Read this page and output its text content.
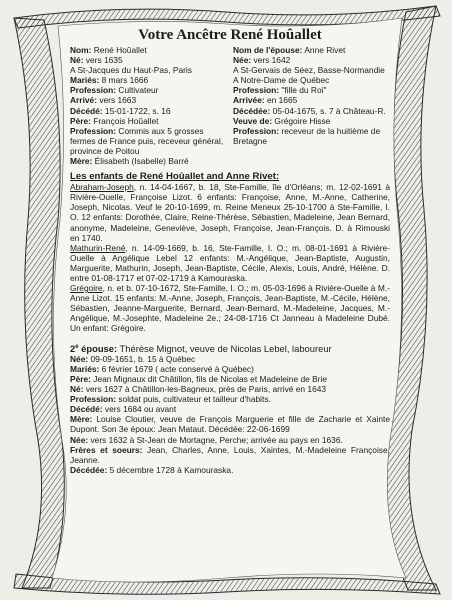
Votre Ancêtre René Hoûallet

Nom: René Hoûallet

Né: vers 1635

A St-Jacques du Haut-Pas, Paris

Mariés: 8 mars 1666

Profession: Cultivateur

Arrivé: vers 1663

Décédé: 15-01-1722, s. 16

Père: François Hoûallet

Profession: Commis aux 5 grosses fermes de France puis, receveur général, province de Poitou

Mère: Élisabeth (Isabelle) Barré

Nom de l'épouse: Anne Rivet

Née: vers 1642

A St-Gervais de Séez, Basse-Normandie

A Notre-Dame de Québec

Profession: "fille du Roi"

Arrivée: en 1665

Décédée: 05-04-1675, s. 7 à Château-R.

Veuve de: Grégoire Hisse

Profession: receveur de la huitième de Bretagne

Les enfants de René Hoûallet and Anne Rivet:

Abraham-Joseph, n. 14-04-1667, b. 18, Ste-Famille, île d'Orléans; m. 12-02-1691 à Rivière-Ouelle, Françoise Lizot. 6 enfants: Françoise, Anne, M.-Anne, Catherine, Joseph, Nicolas. Veuf le 20-10-1699, m. Reine Meneux 25-10-1700 à Ste-Famille, I. O. 12 enfants: Dorothée, Claire, Reine-Thérèse, Sébastien, Madeleine, Jean Bernard, anonyme, Madeleine, Geneviève, Joseph, Françoise, Jean-François. D. à Rimouski en 1740.

Mathurin-René, n. 14-09-1669, b. 16, Ste-Famille, I. O.; m. 08-01-1691 à Rivière-Ouelle à Angélique Lebel 12 enfants: M.-Angélique, Jean-Baptiste, Augustin, Marguerite, Mathurin, Joseph, Jean-Baptiste, Cécile, Alexis, Louis, André, Hélène. D. entre 01-08-1717 et 07-02-1719 à Kamouraska.

Grégoire, n. et b. 07-10-1672, Ste-Famille, I. O.; m. 05-03-1696 à Rivière-Ouelle à M.-Anne Lizot. 15 enfants: M.-Anne, Joseph, François, Jean-Baptiste, M.-Cécile, Hélène, Sébastien, Jeanne-Marguerite, Bernard, Jean-Bernard, M.-Madeleine, Jacques, M.-Angélique, M.-Josephte, Madeleine 2e.; 24-08-1716 Ct Janneau à Madeleine Dubé. Un enfant: Grégoire.

2e épouse: Thérèse Mignot, veuve de Nicolas Lebel, laboureur

Née: 09-09-1651, b. 15 à Québec

Mariés: 6 février 1679 ( acte conservé à Québec)

Père: Jean Mignaux dit Châtillon, fils de Nicolas et Madeleine de Brie

Né: vers 1627 à Châtillon-les-Bagneux, près de Paris, arrivé en 1643

Profession: soldat puis, cultivateur et tailleur d'habits.

Décédé: vers 1684 ou avant

Mère: Louise Cloutier, veuve de François Marguerie et fille de Zacharie et Xainte Dupont. Son 3e époux: Jean Mataut. Décédée: 22-06-1699

Née: vers 1632 à St-Jean de Mortagne, Perche; arrivée au pays en 1636.

Frères et soeurs: Jean, Charles, Anne, Louis, Xaintes, M.-Madeleine Françoise, Jeanne.

Décédée: 5 décembre 1728 à Kamouraska.
